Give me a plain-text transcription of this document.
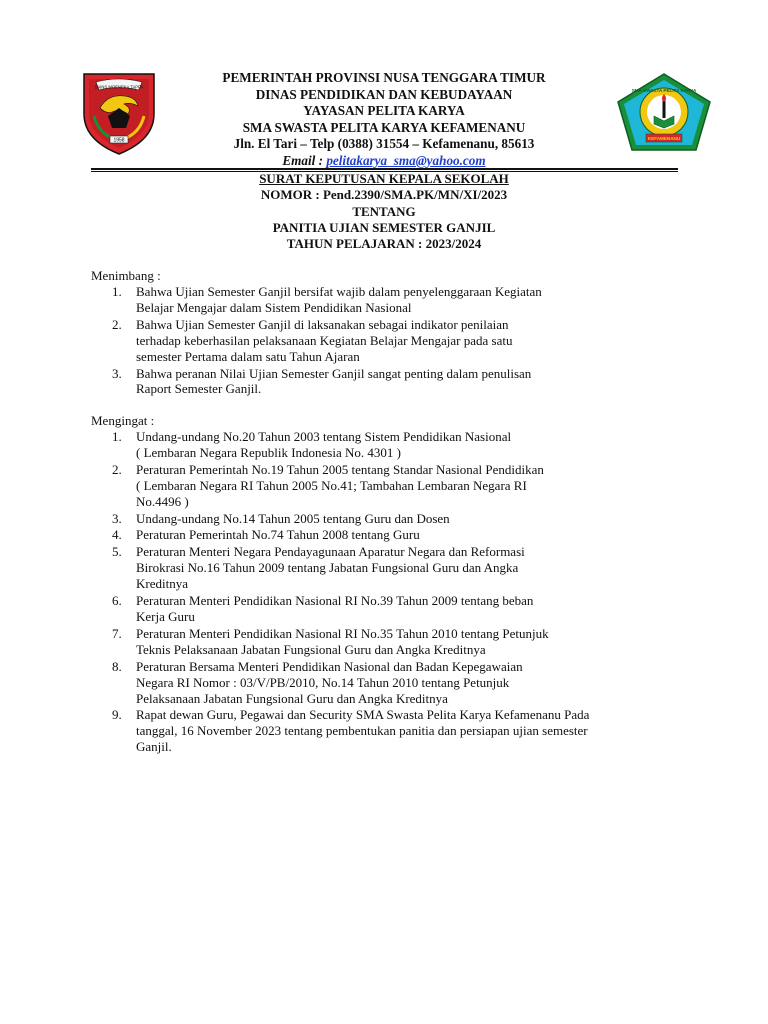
SAINS MOENEKA TAPPA
1958
SMA SWASTA PELITA KARYA
KEFAMENANU
PEMERINTAH PROVINSI NUSA TENGGARA TIMUR
DINAS PENDIDIKAN DAN KEBUDAYAAN
YAYASAN PELITA KARYA
SMA SWASTA PELITA KARYA KEFAMENANU
Jln. El Tari – Telp (0388) 31554 – Kefamenanu, 85613
Email : pelitakarya_sma@yahoo.com
SURAT KEPUTUSAN KEPALA SEKOLAH
NOMOR : Pend.2390/SMA.PK/MN/XI/2023
TENTANG
PANITIA UJIAN SEMESTER GANJIL
TAHUN PELAJARAN : 2023/2024
Menimbang :
1.	Bahwa Ujian Semester Ganjil bersifat wajib dalam penyelenggaraan Kegiatan
Belajar Mengajar dalam Sistem Pendidikan Nasional
2.	Bahwa Ujian Semester Ganjil di laksanakan sebagai indikator penilaian
terhadap keberhasilan pelaksanaan Kegiatan Belajar Mengajar pada satu
semester Pertama dalam satu Tahun Ajaran
3.	Bahwa peranan Nilai Ujian Semester Ganjil sangat penting dalam penulisan
Raport Semester Ganjil.
Mengingat :
1.	Undang-undang No.20 Tahun 2003 tentang Sistem Pendidikan Nasional
( Lembaran Negara Republik Indonesia No. 4301 )
2.	Peraturan Pemerintah No.19 Tahun 2005 tentang Standar Nasional Pendidikan
( Lembaran Negara RI Tahun 2005 No.41; Tambahan Lembaran Negara RI
No.4496 )
3.	Undang-undang No.14 Tahun 2005 tentang Guru dan Dosen
4.	Peraturan Pemerintah No.74 Tahun 2008 tentang Guru
5.	Peraturan Menteri Negara Pendayagunaan Aparatur Negara dan Reformasi
Birokrasi No.16 Tahun 2009 tentang Jabatan Fungsional Guru dan Angka
Kreditnya
6.	Peraturan Menteri Pendidikan Nasional RI No.39 Tahun 2009 tentang beban
Kerja Guru
7.	Peraturan Menteri Pendidikan Nasional RI No.35 Tahun 2010 tentang Petunjuk
Teknis Pelaksanaan Jabatan Fungsional Guru dan Angka Kreditnya
8.	Peraturan Bersama Menteri Pendidikan Nasional dan Badan Kepegawaian
Negara RI Nomor : 03/V/PB/2010, No.14 Tahun 2010 tentang Petunjuk
Pelaksanaan Jabatan Fungsional Guru dan Angka Kreditnya
9.	Rapat dewan Guru, Pegawai dan Security SMA Swasta Pelita Karya Kefamenanu Pada
tanggal, 16 November 2023 tentang pembentukan panitia dan persiapan ujian semester
Ganjil.
